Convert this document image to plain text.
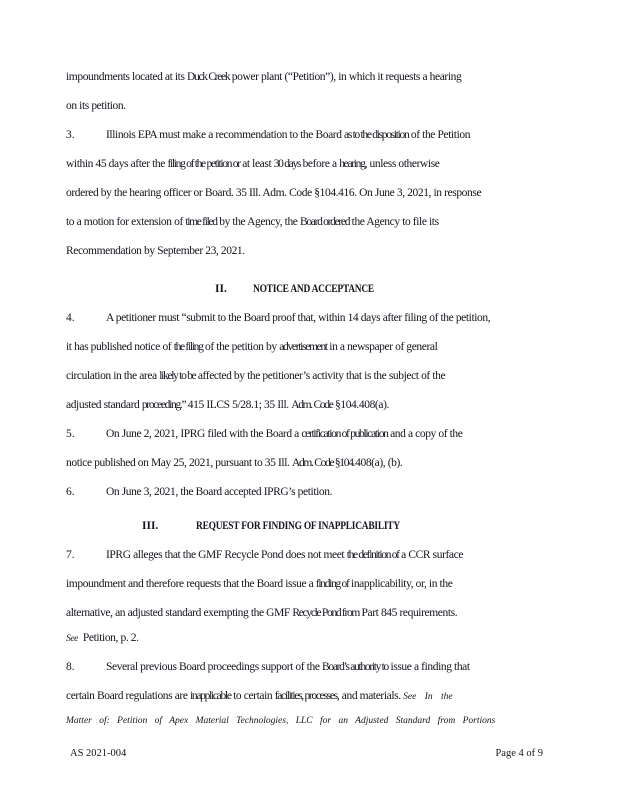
impoundments located at its Duck Creek power plant (“Petition”), in which it requests a hearing
on its petition.
3.	Illinois EPA must make a recommendation to the Board as to the disposition of the Petition
within 45 days after the filing of the petition or at least 30 days before a hearing, unless otherwise
ordered by the hearing officer or Board. 35 Ill. Adm. Code §104.416. On June 3, 2021, in response
to a motion for extension of time filed by the Agency, the Board ordered the Agency to file its
Recommendation by September 23, 2021.
II. NOTICE AND ACCEPTANCE
4.	A petitioner must “submit to the Board proof that, within 14 days after filing of the petition,
it has published notice of the filing of the petition by advertisement in a newspaper of general
circulation in the area likely to be affected by the petitioner’s activity that is the subject of the
adjusted standard proceeding.” 415 ILCS 5/28.1; 35 Ill. Adm. Code §104.408(a).
5.	On June 2, 2021, IPRG filed with the Board a certification of publication and a copy of the
notice published on May 25, 2021, pursuant to 35 Ill. Adm. Code §104.408(a), (b).
6.	On June 3, 2021, the Board accepted IPRG’s petition.
III.	REQUEST FOR FINDING OF INAPPLICABILITY
7.	IPRG alleges that the GMF Recycle Pond does not meet the definition of a CCR surface
impoundment and therefore requests that the Board issue a finding of inapplicability, or, in the
alternative, an adjusted standard exempting the GMF Recycle Pond from Part 845 requirements.
See  Petition, p. 2.
8.	Several previous Board proceedings support of the Board’s authority to issue a finding that
certain Board regulations are inapplicable to certain facilities, processes, and materials. See In the
Matter of: Petition of Apex Material Technologies, LLC for an Adjusted Standard from Portions
AS 2021-004	Page 4 of 9
